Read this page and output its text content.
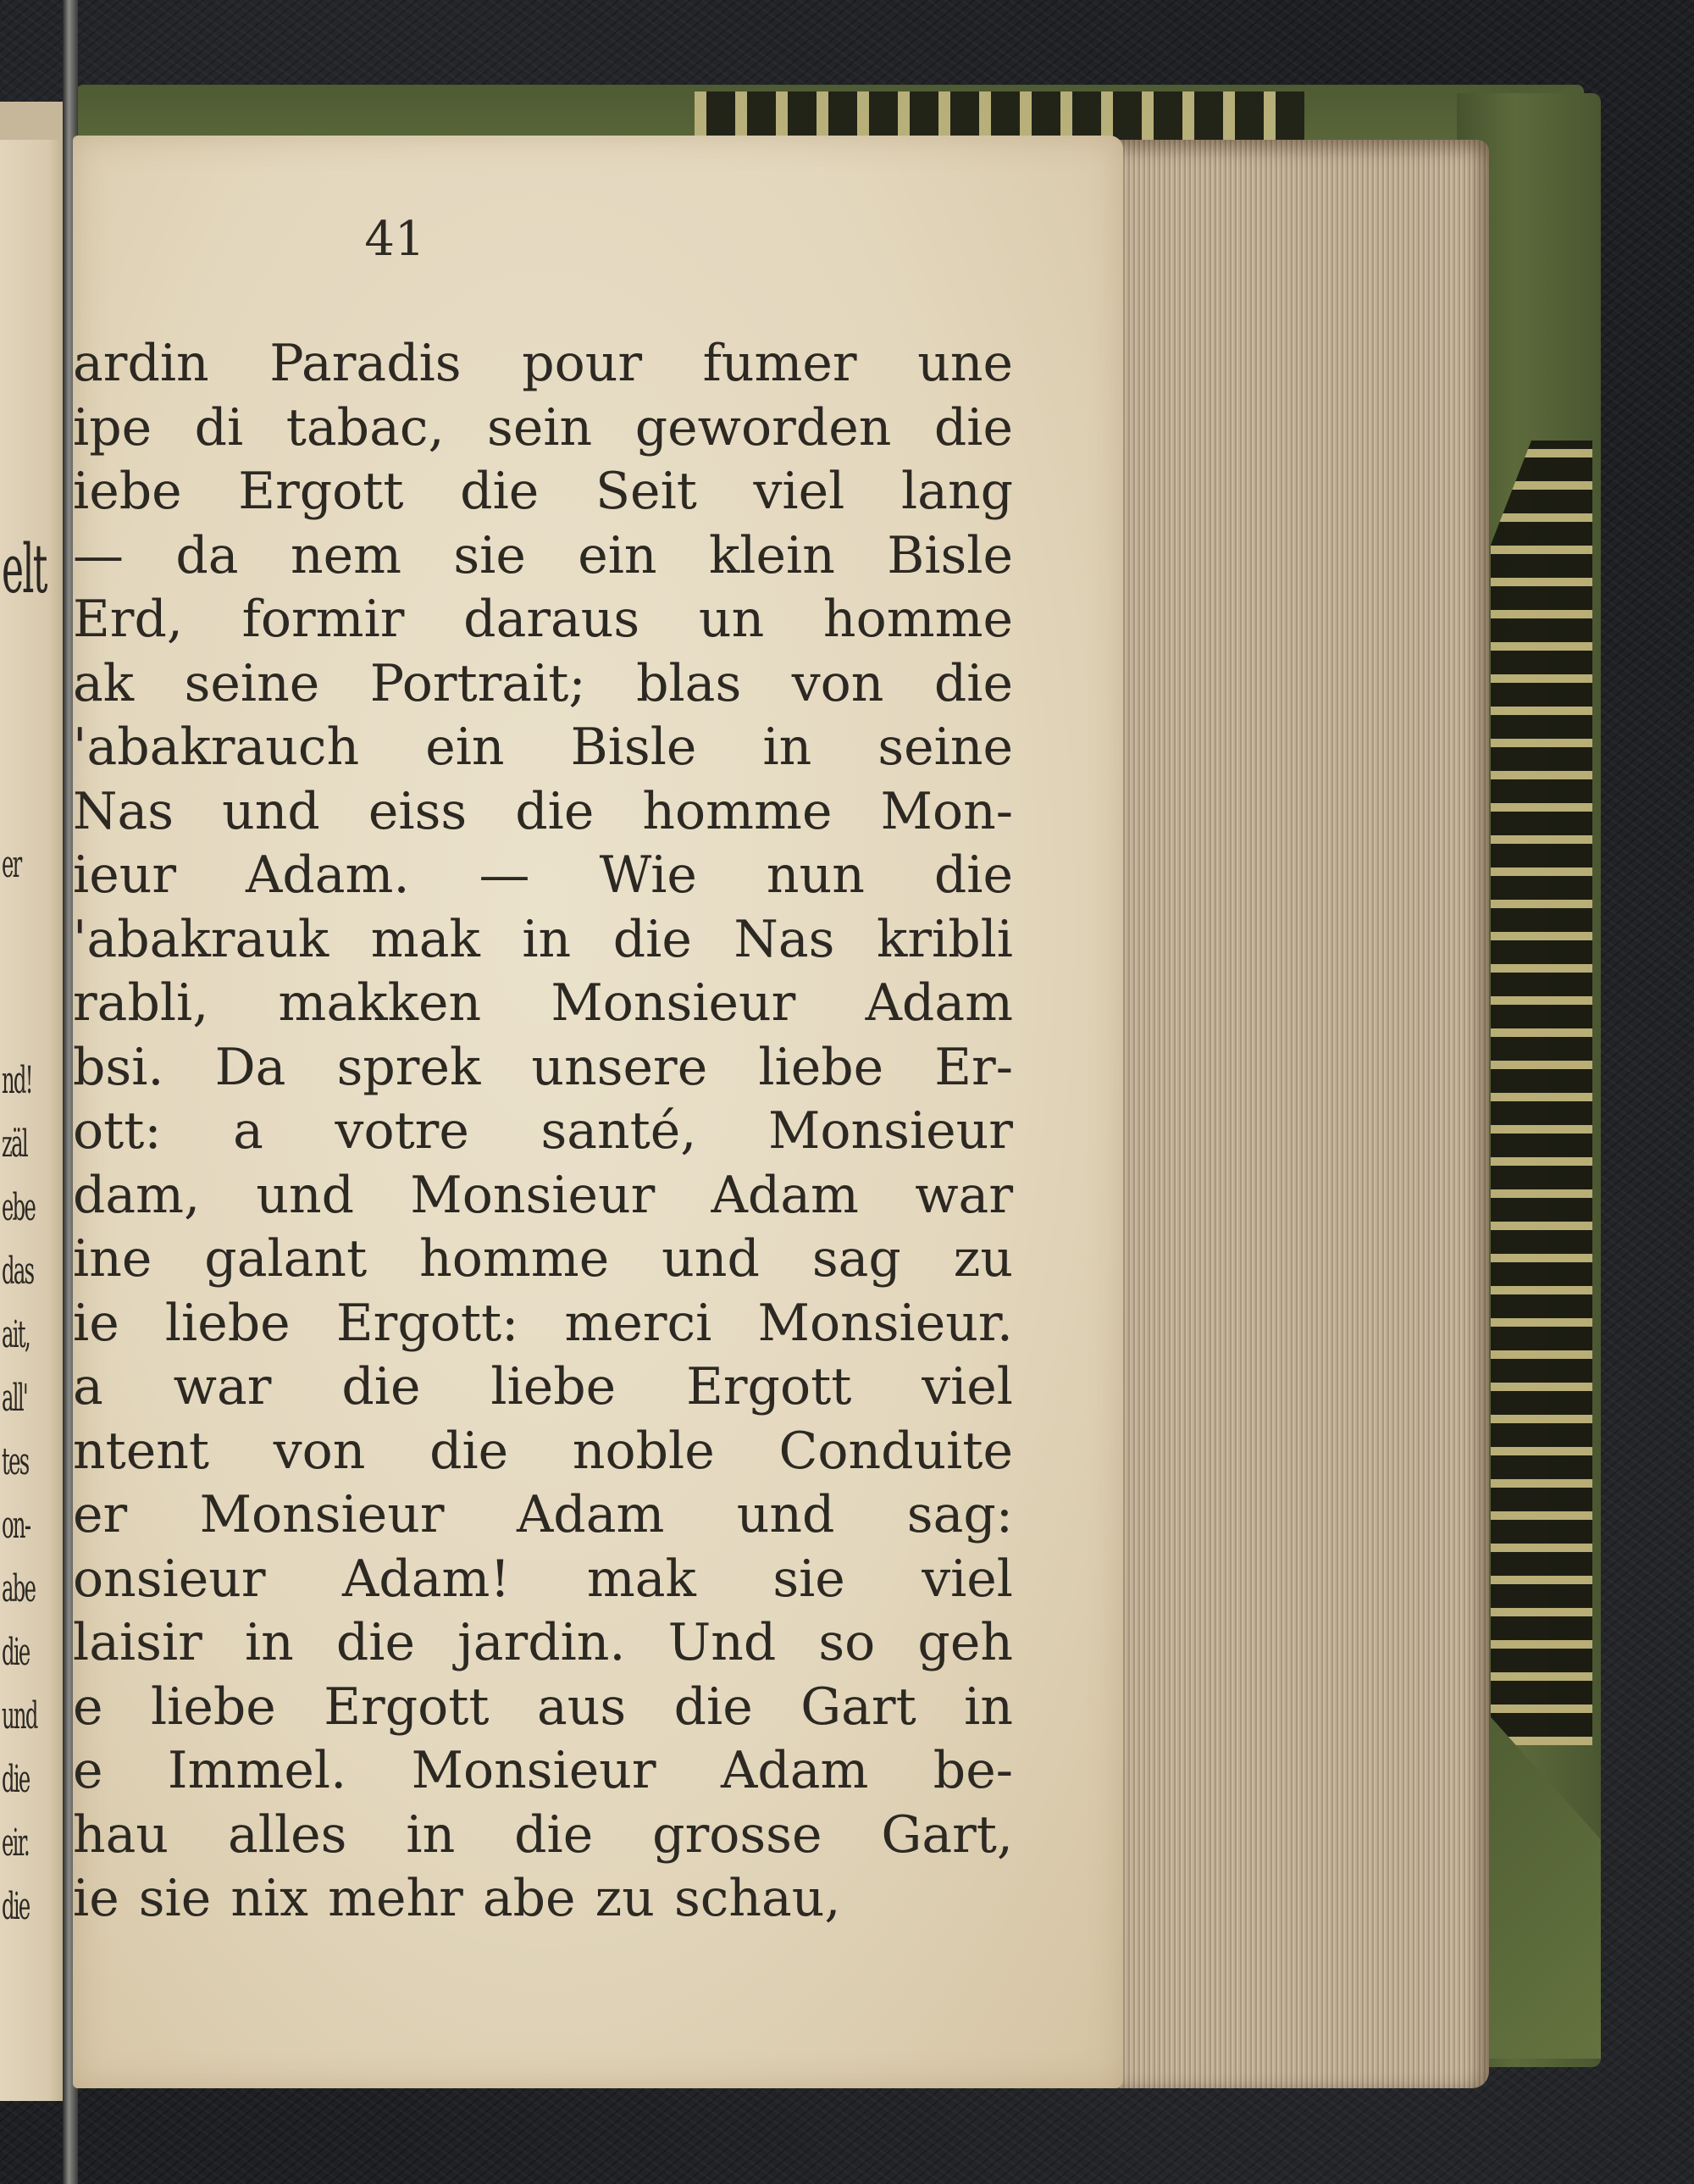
elt
er
nd!
zäl
ebe
das
ait,
all'
tes
on-
abe
die
und
die
eir.
die
41
ardin Paradis pour fumer une
ipe di tabac, sein geworden die
iebe Ergott die Seit viel lang
— da nem sie ein klein Bisle
Erd, formir daraus un homme
ak seine Portrait; blas von die
'abakrauch ein Bisle in seine
Nas und eiss die homme Mon-
ieur Adam. — Wie nun die
'abakrauk mak in die Nas kribli
rabli, makken Monsieur Adam
bsi. Da sprek unsere liebe Er-
ott: a votre santé, Monsieur
dam, und Monsieur Adam war
ine galant homme und sag zu
ie liebe Ergott: merci Monsieur.
a war die liebe Ergott viel
ntent von die noble Conduite
er Monsieur Adam und sag:
onsieur Adam! mak sie viel
laisir in die jardin. Und so geh
e liebe Ergott aus die Gart in
e Immel. Monsieur Adam be-
hau alles in die grosse Gart,
ie sie nix mehr abe zu schau,
